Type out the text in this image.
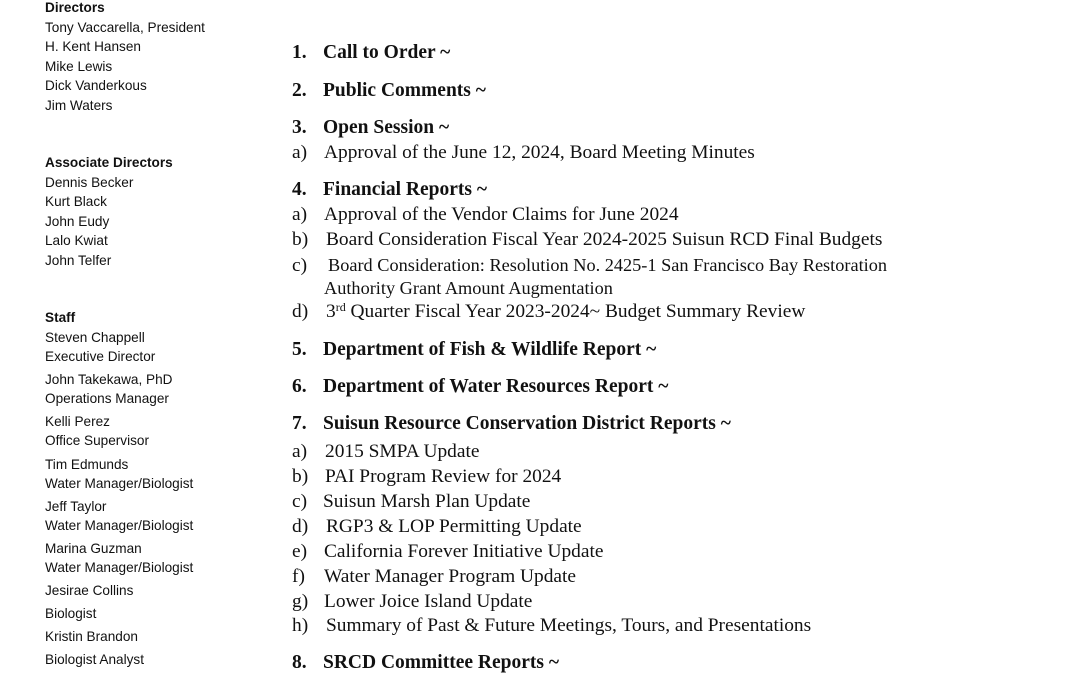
Directors
Tony Vaccarella, President
H. Kent Hansen
Mike Lewis
Dick Vanderkous
Jim Waters
Associate Directors
Dennis Becker
Kurt Black
John Eudy
Lalo Kwiat
John Telfer
Staff
Steven Chappell
Executive Director
John Takekawa, PhD
Operations Manager
Kelli Perez
Office Supervisor
Tim Edmunds
Water Manager/Biologist
Jeff Taylor
Water Manager/Biologist
Marina Guzman
Water Manager/Biologist
Jesirae Collins
Biologist
Kristin Brandon
Biologist Analyst
1. Call to Order ~
2. Public Comments ~
3. Open Session ~
a) Approval of the June 12, 2024, Board Meeting Minutes
4. Financial Reports ~
a) Approval of the Vendor Claims for June 2024
b) Board Consideration Fiscal Year 2024-2025 Suisun RCD Final Budgets
c) Board Consideration: Resolution No. 2425-1 San Francisco Bay Restoration
Authority Grant Amount Augmentation
d) 3rd Quarter Fiscal Year 2023-2024~ Budget Summary Review
5. Department of Fish & Wildlife Report ~
6. Department of Water Resources Report ~
7. Suisun Resource Conservation District Reports ~
a) 2015 SMPA Update
b) PAI Program Review for 2024
c) Suisun Marsh Plan Update
d) RGP3 & LOP Permitting Update
e) California Forever Initiative Update
f) Water Manager Program Update
g) Lower Joice Island Update
h) Summary of Past & Future Meetings, Tours, and Presentations
8. SRCD Committee Reports ~
